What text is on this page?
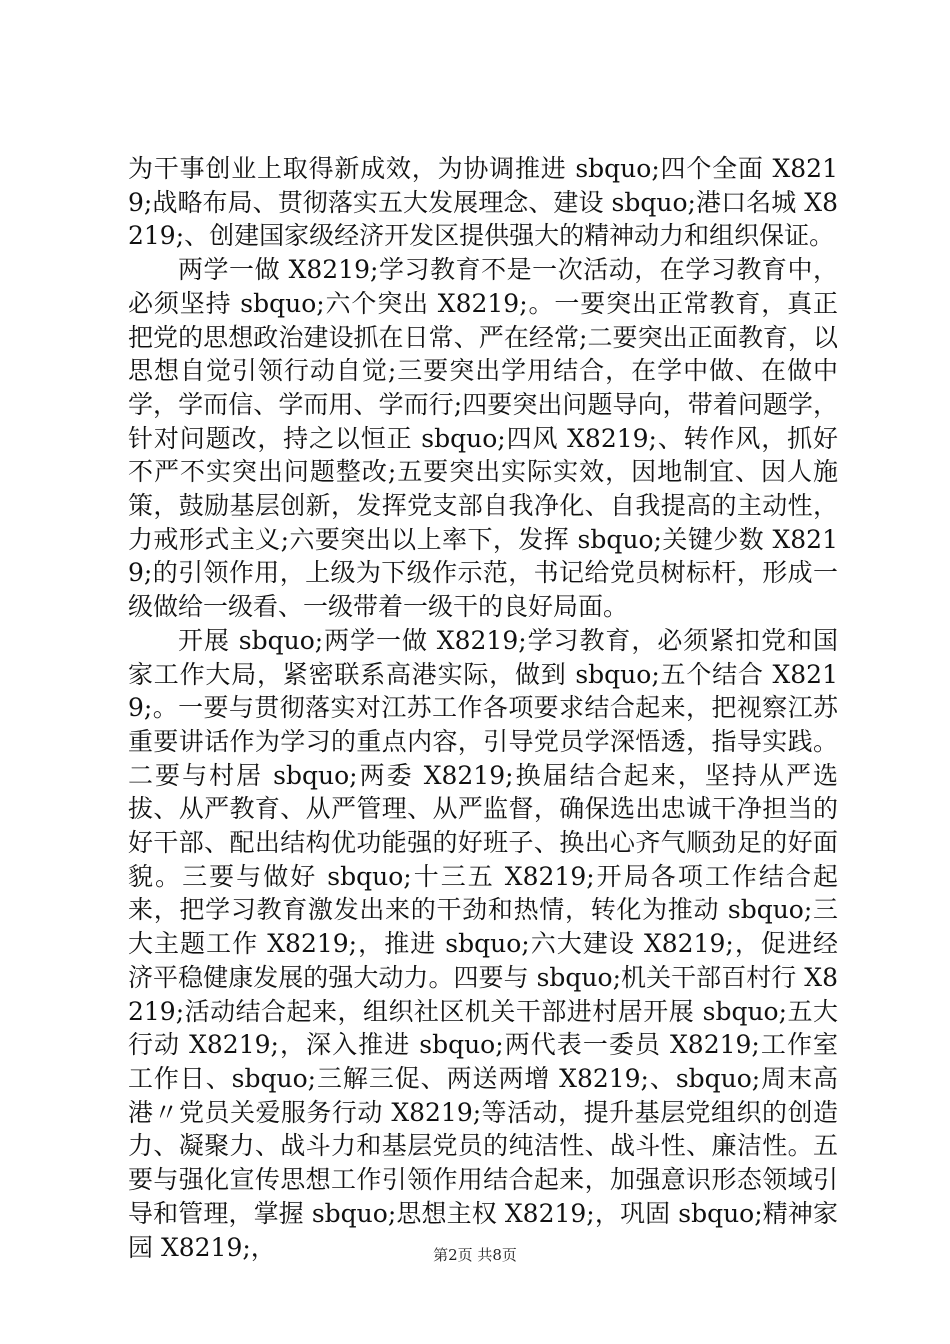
为干事创业上取得新成效，为协调推进 sbquo;四个全面 X8219;战略布局、贯彻落实五大发展理念、建设 sbquo;港口名城 X8219;、创建国家级经济开发区提供强大的精神动力和组织保证。

两学一做 X8219;学习教育不是一次活动，在学习教育中，必须坚持 sbquo;六个突出 X8219;。一要突出正常教育，真正把党的思想政治建设抓在日常、严在经常;二要突出正面教育，以思想自觉引领行动自觉;三要突出学用结合，在学中做、在做中学，学而信、学而用、学而行;四要突出问题导向，带着问题学，针对问题改，持之以恒正 sbquo;四风 X8219;、转作风，抓好不严不实突出问题整改;五要突出实际实效，因地制宜、因人施策，鼓励基层创新，发挥党支部自我净化、自我提高的主动性，力戒形式主义;六要突出以上率下，发挥 sbquo;关键少数 X8219;的引领作用，上级为下级作示范，书记给党员树标杆，形成一级做给一级看、一级带着一级干的良好局面。

开展 sbquo;两学一做 X8219;学习教育，必须紧扣党和国家工作大局，紧密联系高港实际，做到 sbquo;五个结合 X8219;。一要与贯彻落实对江苏工作各项要求结合起来，把视察江苏重要讲话作为学习的重点内容，引导党员学深悟透，指导实践。二要与村居 sbquo;两委 X8219;换届结合起来，坚持从严选拔、从严教育、从严管理、从严监督，确保选出忠诚干净担当的好干部、配出结构优功能强的好班子、换出心齐气顺劲足的好面貌。三要与做好 sbquo;十三五 X8219;开局各项工作结合起来，把学习教育激发出来的干劲和热情，转化为推动 sbquo;三大主题工作 X8219;，推进 sbquo;六大建设 X8219;，促进经济平稳健康发展的强大动力。四要与 sbquo;机关干部百村行 X8219;活动结合起来，组织社区机关干部进村居开展 sbquo;五大行动 X8219;，深入推进 sbquo;两代表一委员 X8219;工作室工作日、sbquo;三解三促、两送两增 X8219;、sbquo;周末高港〃党员关爱服务行动 X8219;等活动，提升基层党组织的创造力、凝聚力、战斗力和基层党员的纯洁性、战斗性、廉洁性。五要与强化宣传思想工作引领作用结合起来，加强意识形态领域引导和管理，掌握 sbquo;思想主权 X8219;，巩固 sbquo;精神家园 X8219;，	第2页 共8页
